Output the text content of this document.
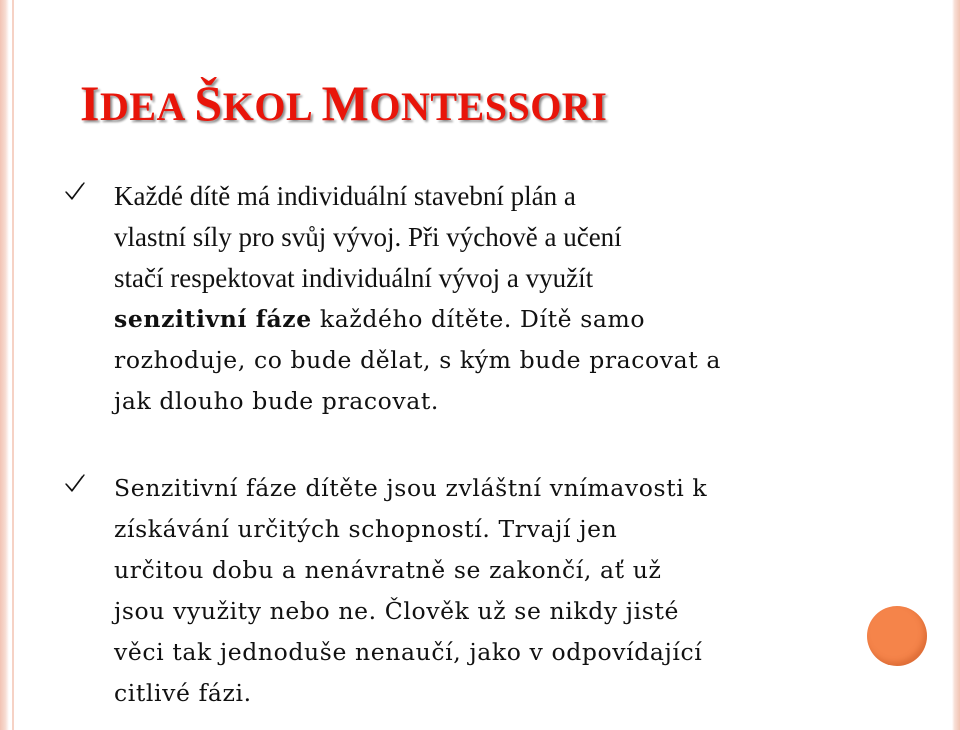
IDEA ŠKOL MONTESSORI
Každé dítě má individuální stavební plán a
vlastní síly pro svůj vývoj. Při výchově a učení
stačí respektovat individuální vývoj a využít
senzitivní fáze každého dítěte. Dítě samo
rozhoduje, co bude dělat, s kým bude pracovat a
jak dlouho bude pracovat.
Senzitivní fáze dítěte jsou zvláštní vnímavosti k
získávání určitých schopností. Trvají jen
určitou dobu a nenávratně se zakončí, ať už
jsou využity nebo ne. Člověk už se nikdy jisté
věci tak jednoduše nenaučí, jako v odpovídající
citlivé fázi.
